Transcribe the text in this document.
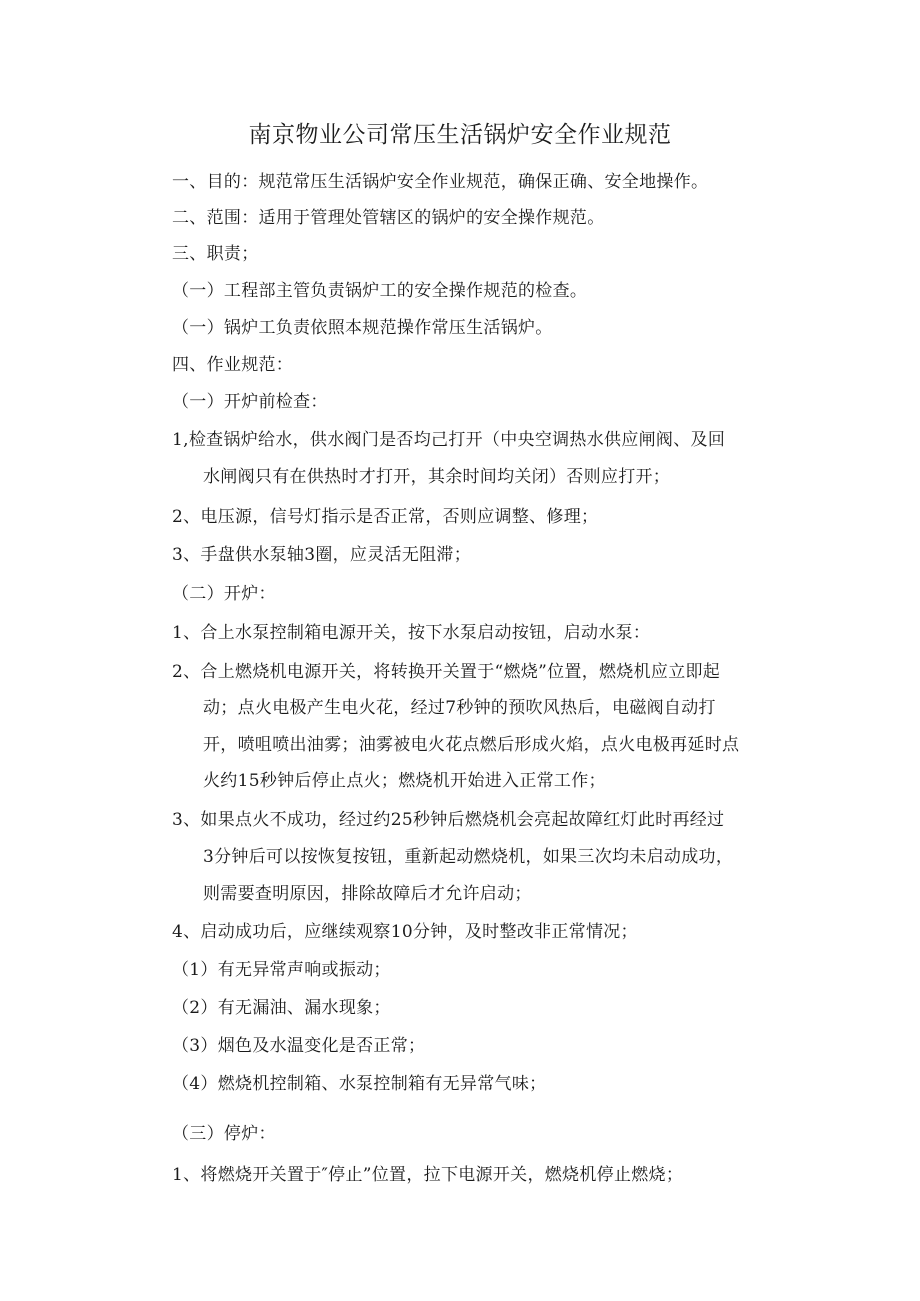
南京物业公司常压生活锅炉安全作业规范
一、目的：规范常压生活锅炉安全作业规范，确保正确、安全地操作。
二、范围：适用于管理处管辖区的锅炉的安全操作规范。
三、职责；
（一）工程部主管负责锅炉工的安全操作规范的检查。
（一）锅炉工负责依照本规范操作常压生活锅炉。
四、作业规范：
（一）开炉前检查：
1,检查锅炉给水，供水阀门是否均己打开（中央空调热水供应闸阀、及回
水闸阀只有在供热时才打开，其余时间均关闭）否则应打开；
2、电压源，信号灯指示是否正常，否则应调整、修理；
3、手盘供水泵轴3圈，应灵活无阻滞；
（二）开炉：
1、合上水泵控制箱电源开关，按下水泵启动按钮，启动水泵：
2、合上燃烧机电源开关，将转换开关置于“燃烧”位置，燃烧机应立即起
动；点火电极产生电火花，经过7秒钟的预吹风热后，电磁阀自动打
开，喷咀喷出油雾；油雾被电火花点燃后形成火焰，点火电极再延时点
火约15秒钟后停止点火；燃烧机开始进入正常工作；
3、如果点火不成功，经过约25秒钟后燃烧机会亮起故障红灯此时再经过
3分钟后可以按恢复按钮，重新起动燃烧机，如果三次均未启动成功，
则需要查明原因，排除故障后才允许启动；
4、启动成功后，应继续观察10分钟，及时整改非正常情况；
（1）有无异常声响或振动；
（2）有无漏油、漏水现象；
（3）烟色及水温变化是否正常；
（4）燃烧机控制箱、水泵控制箱有无异常气味；
（三）停炉：
1、将燃烧开关置于″停止”位置，拉下电源开关，燃烧机停止燃烧；
